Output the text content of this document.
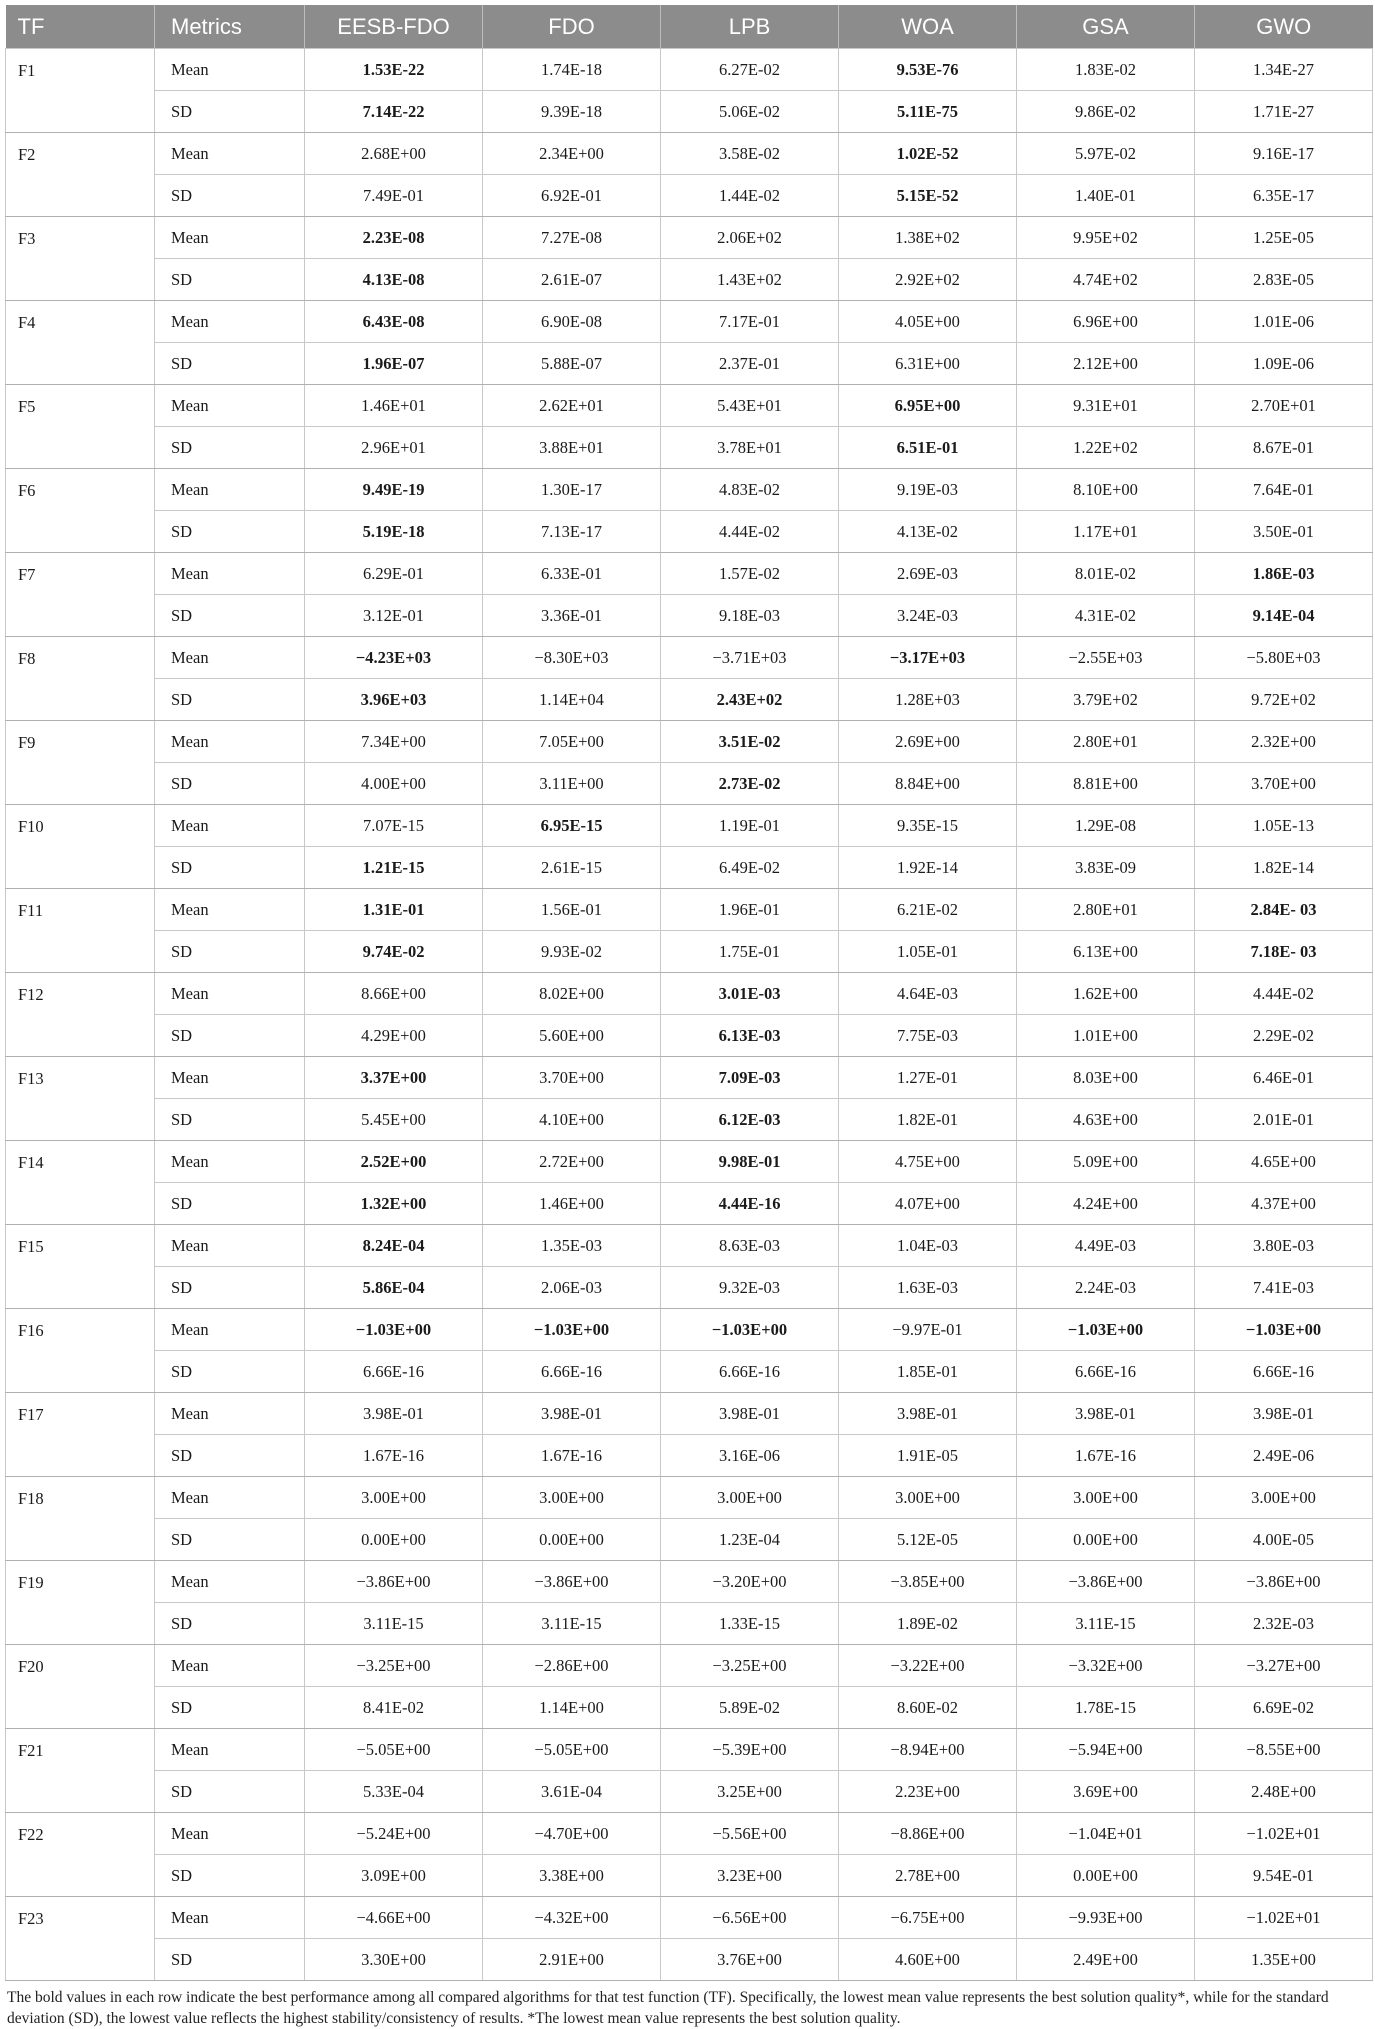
TF	Metrics	EESB-FDO	FDO	LPB	WOA	GSA	GWO
F1	Mean	1.53E-22	1.74E-18	6.27E-02	9.53E-76	1.83E-02	1.34E-27
	SD	7.14E-22	9.39E-18	5.06E-02	5.11E-75	9.86E-02	1.71E-27
F2	Mean	2.68E+00	2.34E+00	3.58E-02	1.02E-52	5.97E-02	9.16E-17
	SD	7.49E-01	6.92E-01	1.44E-02	5.15E-52	1.40E-01	6.35E-17
F3	Mean	2.23E-08	7.27E-08	2.06E+02	1.38E+02	9.95E+02	1.25E-05
	SD	4.13E-08	2.61E-07	1.43E+02	2.92E+02	4.74E+02	2.83E-05
F4	Mean	6.43E-08	6.90E-08	7.17E-01	4.05E+00	6.96E+00	1.01E-06
	SD	1.96E-07	5.88E-07	2.37E-01	6.31E+00	2.12E+00	1.09E-06
F5	Mean	1.46E+01	2.62E+01	5.43E+01	6.95E+00	9.31E+01	2.70E+01
	SD	2.96E+01	3.88E+01	3.78E+01	6.51E-01	1.22E+02	8.67E-01
F6	Mean	9.49E-19	1.30E-17	4.83E-02	9.19E-03	8.10E+00	7.64E-01
	SD	5.19E-18	7.13E-17	4.44E-02	4.13E-02	1.17E+01	3.50E-01
F7	Mean	6.29E-01	6.33E-01	1.57E-02	2.69E-03	8.01E-02	1.86E-03
	SD	3.12E-01	3.36E-01	9.18E-03	3.24E-03	4.31E-02	9.14E-04
F8	Mean	−4.23E+03	−8.30E+03	−3.71E+03	−3.17E+03	−2.55E+03	−5.80E+03
	SD	3.96E+03	1.14E+04	2.43E+02	1.28E+03	3.79E+02	9.72E+02
F9	Mean	7.34E+00	7.05E+00	3.51E-02	2.69E+00	2.80E+01	2.32E+00
	SD	4.00E+00	3.11E+00	2.73E-02	8.84E+00	8.81E+00	3.70E+00
F10	Mean	7.07E-15	6.95E-15	1.19E-01	9.35E-15	1.29E-08	1.05E-13
	SD	1.21E-15	2.61E-15	6.49E-02	1.92E-14	3.83E-09	1.82E-14
F11	Mean	1.31E-01	1.56E-01	1.96E-01	6.21E-02	2.80E+01	2.84E- 03
	SD	9.74E-02	9.93E-02	1.75E-01	1.05E-01	6.13E+00	7.18E- 03
F12	Mean	8.66E+00	8.02E+00	3.01E-03	4.64E-03	1.62E+00	4.44E-02
	SD	4.29E+00	5.60E+00	6.13E-03	7.75E-03	1.01E+00	2.29E-02
F13	Mean	3.37E+00	3.70E+00	7.09E-03	1.27E-01	8.03E+00	6.46E-01
	SD	5.45E+00	4.10E+00	6.12E-03	1.82E-01	4.63E+00	2.01E-01
F14	Mean	2.52E+00	2.72E+00	9.98E-01	4.75E+00	5.09E+00	4.65E+00
	SD	1.32E+00	1.46E+00	4.44E-16	4.07E+00	4.24E+00	4.37E+00
F15	Mean	8.24E-04	1.35E-03	8.63E-03	1.04E-03	4.49E-03	3.80E-03
	SD	5.86E-04	2.06E-03	9.32E-03	1.63E-03	2.24E-03	7.41E-03
F16	Mean	−1.03E+00	−1.03E+00	−1.03E+00	−9.97E-01	−1.03E+00	−1.03E+00
	SD	6.66E-16	6.66E-16	6.66E-16	1.85E-01	6.66E-16	6.66E-16
F17	Mean	3.98E-01	3.98E-01	3.98E-01	3.98E-01	3.98E-01	3.98E-01
	SD	1.67E-16	1.67E-16	3.16E-06	1.91E-05	1.67E-16	2.49E-06
F18	Mean	3.00E+00	3.00E+00	3.00E+00	3.00E+00	3.00E+00	3.00E+00
	SD	0.00E+00	0.00E+00	1.23E-04	5.12E-05	0.00E+00	4.00E-05
F19	Mean	−3.86E+00	−3.86E+00	−3.20E+00	−3.85E+00	−3.86E+00	−3.86E+00
	SD	3.11E-15	3.11E-15	1.33E-15	1.89E-02	3.11E-15	2.32E-03
F20	Mean	−3.25E+00	−2.86E+00	−3.25E+00	−3.22E+00	−3.32E+00	−3.27E+00
	SD	8.41E-02	1.14E+00	5.89E-02	8.60E-02	1.78E-15	6.69E-02
F21	Mean	−5.05E+00	−5.05E+00	−5.39E+00	−8.94E+00	−5.94E+00	−8.55E+00
	SD	5.33E-04	3.61E-04	3.25E+00	2.23E+00	3.69E+00	2.48E+00
F22	Mean	−5.24E+00	−4.70E+00	−5.56E+00	−8.86E+00	−1.04E+01	−1.02E+01
	SD	3.09E+00	3.38E+00	3.23E+00	2.78E+00	0.00E+00	9.54E-01
F23	Mean	−4.66E+00	−4.32E+00	−6.56E+00	−6.75E+00	−9.93E+00	−1.02E+01
	SD	3.30E+00	2.91E+00	3.76E+00	4.60E+00	2.49E+00	1.35E+00
The bold values in each row indicate the best performance among all compared algorithms for that test function (TF). Specifically, the lowest mean value represents the best solution quality*, while for the standard deviation (SD), the lowest value reflects the highest stability/consistency of results. *The lowest mean value represents the best solution quality.
